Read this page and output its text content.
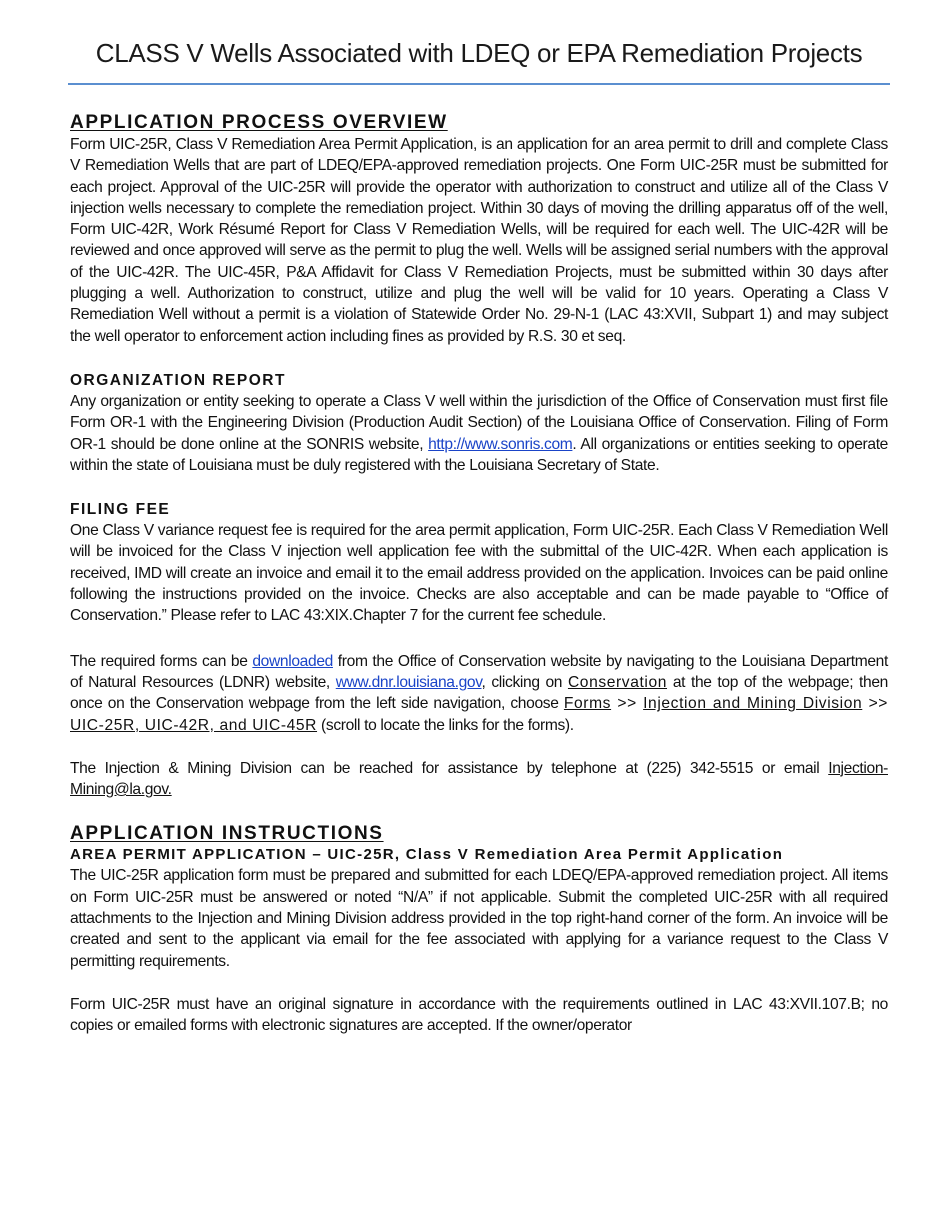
CLASS V Wells Associated with LDEQ or EPA Remediation Projects
APPLICATION PROCESS OVERVIEW

Form UIC-25R, Class V Remediation Area Permit Application, is an application for an area permit to drill and complete Class V Remediation Wells that are part of LDEQ/EPA-approved remediation projects. One Form UIC-25R must be submitted for each project. Approval of the UIC-25R will provide the operator with authorization to construct and utilize all of the Class V injection wells necessary to complete the remediation project. Within 30 days of moving the drilling apparatus off of the well, Form UIC-42R, Work Résumé Report for Class V Remediation Wells, will be required for each well. The UIC-42R will be reviewed and once approved will serve as the permit to plug the well. Wells will be assigned serial numbers with the approval of the UIC-42R. The UIC-45R, P&A Affidavit for Class V Remediation Projects, must be submitted within 30 days after plugging a well. Authorization to construct, utilize and plug the well will be valid for 10 years. Operating a Class V Remediation Well without a permit is a violation of Statewide Order No. 29-N-1 (LAC 43:XVII, Subpart 1) and may subject the well operator to enforcement action including fines as provided by R.S. 30 et seq.

ORGANIZATION REPORT

Any organization or entity seeking to operate a Class V well within the jurisdiction of the Office of Conservation must first file Form OR-1 with the Engineering Division (Production Audit Section) of the Louisiana Office of Conservation. Filing of Form OR-1 should be done online at the SONRIS website, http://www.sonris.com. All organizations or entities seeking to operate within the state of Louisiana must be duly registered with the Louisiana Secretary of State.

FILING FEE

One Class V variance request fee is required for the area permit application, Form UIC-25R. Each Class V Remediation Well will be invoiced for the Class V injection well application fee with the submittal of the UIC-42R. When each application is received, IMD will create an invoice and email it to the email address provided on the application. Invoices can be paid online following the instructions provided on the invoice. Checks are also acceptable and can be made payable to “Office of Conservation.” Please refer to LAC 43:XIX.Chapter 7 for the current fee schedule.

The required forms can be downloaded from the Office of Conservation website by navigating to the Louisiana Department of Natural Resources (LDNR) website, www.dnr.louisiana.gov, clicking on Conservation at the top of the webpage; then once on the Conservation webpage from the left side navigation, choose Forms >> Injection and Mining Division >> UIC-25R, UIC-42R, and UIC-45R (scroll to locate the links for the forms).

The Injection & Mining Division can be reached for assistance by telephone at (225) 342-5515 or email Injection-Mining@la.gov.

APPLICATION INSTRUCTIONS
AREA PERMIT APPLICATION – UIC-25R, Class V Remediation Area Permit Application

The UIC-25R application form must be prepared and submitted for each LDEQ/EPA-approved remediation project. All items on Form UIC-25R must be answered or noted “N/A” if not applicable. Submit the completed UIC-25R with all required attachments to the Injection and Mining Division address provided in the top right-hand corner of the form. An invoice will be created and sent to the applicant via email for the fee associated with applying for a variance request to the Class V permitting requirements.

Form UIC-25R must have an original signature in accordance with the requirements outlined in LAC 43:XVII.107.B; no copies or emailed forms with electronic signatures are accepted. If the owner/operator
